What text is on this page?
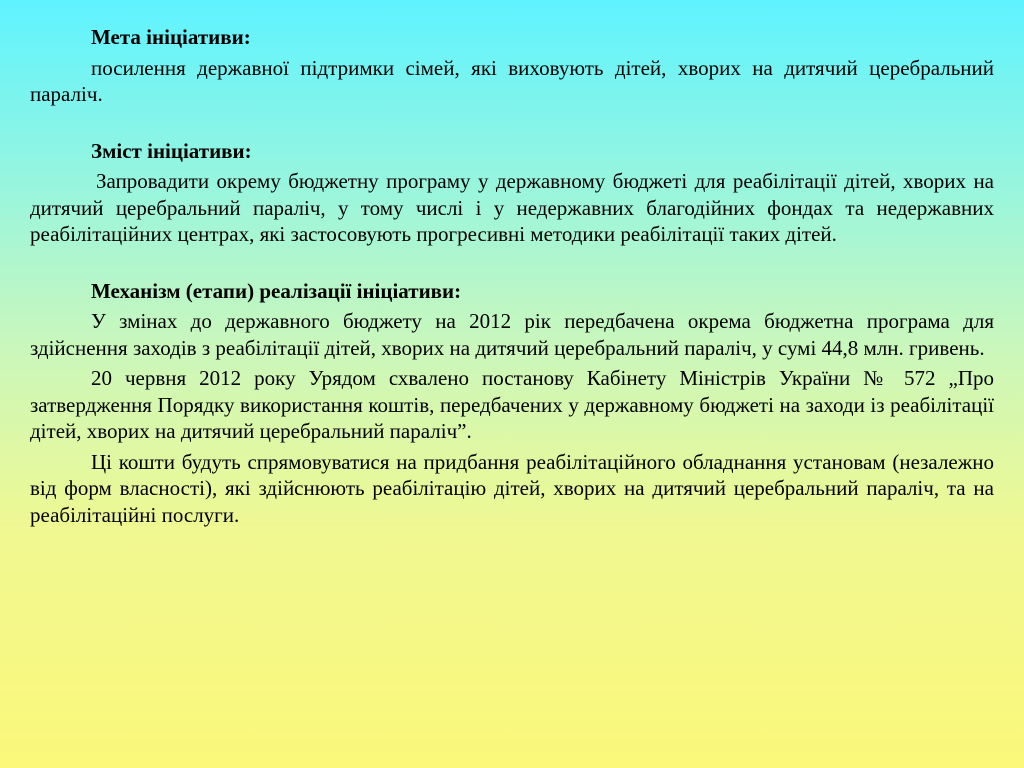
Мета ініціативи:

посилення державної підтримки сімей, які виховують дітей, хворих на дитячий церебральний параліч.

Зміст ініціативи:

Запровадити окрему бюджетну програму у державному бюджеті для реабілітації дітей, хворих на дитячий церебральний параліч, у тому числі і у недержавних благодійних фондах та недержавних реабілітаційних центрах, які застосовують прогресивні методики реабілітації таких дітей.

Механізм (етапи) реалізації ініціативи:

У змінах до державного бюджету на 2012 рік передбачена окрема бюджетна програма для здійснення заходів з реабілітації дітей, хворих на дитячий церебральний параліч, у сумі 44,8 млн. гривень.

20 червня 2012 року Урядом схвалено постанову Кабінету Міністрів України № 572 „Про затвердження Порядку використання коштів, передбачених у державному бюджеті на заходи із реабілітації дітей, хворих на дитячий церебральний параліч”.

Ці кошти будуть спрямовуватися на придбання реабілітаційного обладнання установам (незалежно від форм власності), які здійснюють реабілітацію дітей, хворих на дитячий церебральний параліч, та на реабілітаційні послуги.
